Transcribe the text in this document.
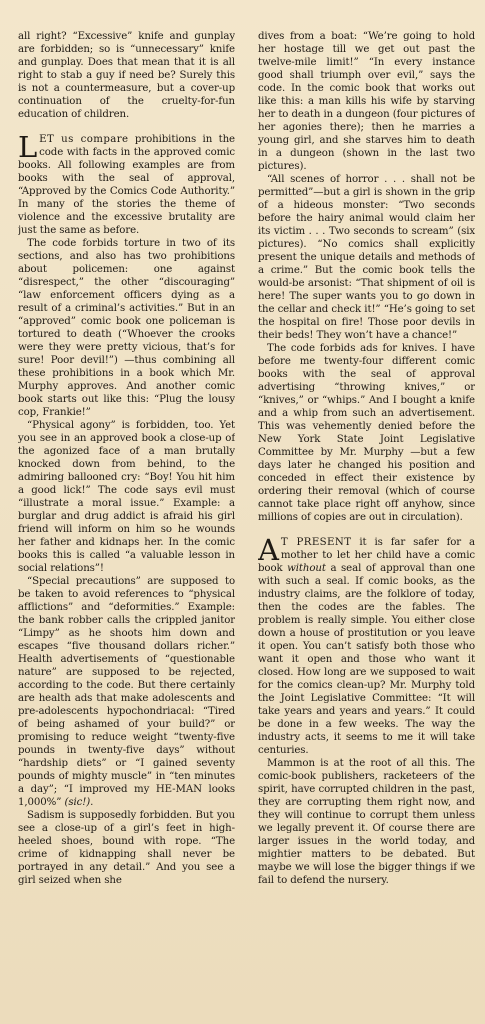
all right? “Excessive” knife and gunplay are forbidden; so is “unnecessary” knife and gunplay. Does that mean that it is all right to stab a guy if need be? Surely this is not a countermeasure, but a cover-up continuation of the cruelty-for-fun education of children.

LET us compare prohibitions in the code with facts in the approved comic books. All following examples are from books with the seal of approval, “Approved by the Comics Code Authority.” In many of the stories the theme of violence and the excessive brutality are just the same as before.

The code forbids torture in two of its sections, and also has two prohibitions about policemen: one against “disrespect,” the other “discouraging” “law enforcement officers dying as a result of a criminal’s activities.” But in an “approved” comic book one policeman is tortured to death (“Whoever the crooks were they were pretty vicious, that’s for sure! Poor devil!”) —thus combining all these prohibitions in a book which Mr. Murphy approves. And another comic book starts out like this: “Plug the lousy cop, Frankie!”

“Physical agony” is forbidden, too. Yet you see in an approved book a close-up of the agonized face of a man brutally knocked down from behind, to the admiring ballooned cry: “Boy! You hit him a good lick!” The code says evil must “illustrate a moral issue.” Example: a burglar and drug addict is afraid his girl friend will inform on him so he wounds her father and kidnaps her. In the comic books this is called “a valuable lesson in social relations”!

“Special precautions” are supposed to be taken to avoid references to “physical afflictions” and “deformities.” Example: the bank robber calls the crippled janitor “Limpy” as he shoots him down and escapes “five thousand dollars richer.” Health advertisements of “questionable nature” are supposed to be rejected, according to the code. But there certainly are health ads that make adolescents and pre-adolescents hypochondriacal: “Tired of being ashamed of your build?” or promising to reduce weight “twenty-five pounds in twenty-five days” without “hardship diets” or “I gained seventy pounds of mighty muscle” in “ten minutes a day”; “I improved my HE-MAN looks 1,000%” (sic!).

Sadism is supposedly forbidden. But you see a close-up of a girl’s feet in high-heeled shoes, bound with rope. “The crime of kidnapping shall never be portrayed in any detail.” And you see a girl seized when she

dives from a boat: “We’re going to hold her hostage till we get out past the twelve-mile limit!” “In every instance good shall triumph over evil,” says the code. In the comic book that works out like this: a man kills his wife by starving her to death in a dungeon (four pictures of her agonies there); then he marries a young girl, and she starves him to death in a dungeon (shown in the last two pictures).

“All scenes of horror . . . shall not be permitted”—but a girl is shown in the grip of a hideous monster: “Two seconds before the hairy animal would claim her its victim . . . Two seconds to scream” (six pictures). “No comics shall explicitly present the unique details and methods of a crime.” But the comic book tells the would-be arsonist: “That shipment of oil is here! The super wants you to go down in the cellar and check it!” “He’s going to set the hospital on fire! Those poor devils in their beds! They won’t have a chance!”

The code forbids ads for knives. I have before me twenty-four different comic books with the seal of approval advertising “throwing knives,” or “knives,” or “whips.” And I bought a knife and a whip from such an advertisement. This was vehemently denied before the New York State Joint Legislative Committee by Mr. Murphy —but a few days later he changed his position and conceded in effect their existence by ordering their removal (which of course cannot take place right off anyhow, since millions of copies are out in circulation).

A T PRESENT it is far safer for a mother to let her child have a comic book without a seal of approval than one with such a seal. If comic books, as the industry claims, are the folklore of today, then the codes are the fables. The problem is really simple. You either close down a house of prostitution or you leave it open. You can’t satisfy both those who want it open and those who want it closed. How long are we supposed to wait for the comics clean-up? Mr. Murphy told the Joint Legislative Committee: “It will take years and years and years.” It could be done in a few weeks. The way the industry acts, it seems to me it will take centuries.

Mammon is at the root of all this. The comic-book publishers, racketeers of the spirit, have corrupted children in the past, they are corrupting them right now, and they will continue to corrupt them unless we legally prevent it. Of course there are larger issues in the world today, and mightier matters to be debated. But maybe we will lose the bigger things if we fail to defend the nursery.
